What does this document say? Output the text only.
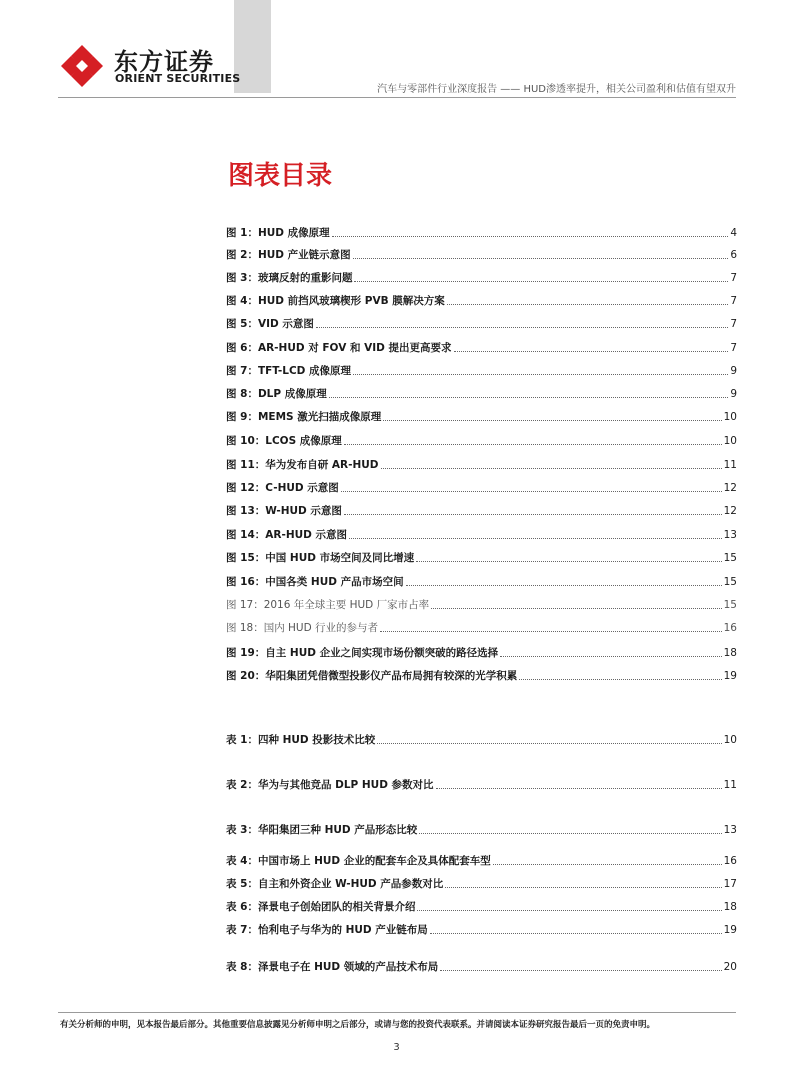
东方证券
ORIENT SECURITIES
汽车与零部件行业深度报告 —— HUD渗透率提升，相关公司盈利和估值有望双升
图表目录
图 1：HUD 成像原理	4
图 2：HUD 产业链示意图	6
图 3：玻璃反射的重影问题	7
图 4：HUD 前挡风玻璃楔形 PVB 膜解决方案	7
图 5：VID 示意图	7
图 6：AR-HUD 对 FOV 和 VID 提出更高要求	7
图 7：TFT-LCD 成像原理	9
图 8：DLP 成像原理	9
图 9：MEMS 激光扫描成像原理	10
图 10：LCOS 成像原理	10
图 11：华为发布自研 AR-HUD	11
图 12：C-HUD 示意图	12
图 13：W-HUD 示意图	12
图 14：AR-HUD 示意图	13
图 15：中国 HUD 市场空间及同比增速	15
图 16：中国各类 HUD 产品市场空间	15
图 17：2016 年全球主要 HUD 厂家市占率	15
图 18：国内 HUD 行业的参与者	16
图 19：自主 HUD 企业之间实现市场份额突破的路径选择	18
图 20：华阳集团凭借微型投影仪产品布局拥有较深的光学积累	19
表 1：四种 HUD 投影技术比较	10
表 2：华为与其他竞品 DLP HUD 参数对比	11
表 3：华阳集团三种 HUD 产品形态比较	13
表 4：中国市场上 HUD 企业的配套车企及具体配套车型	16
表 5：自主和外资企业 W-HUD 产品参数对比	17
表 6：泽景电子创始团队的相关背景介绍	18
表 7：怡利电子与华为的 HUD 产业链布局	19
表 8：泽景电子在 HUD 领域的产品技术布局	20
有关分析师的申明，见本报告最后部分。其他重要信息披露见分析师申明之后部分，或请与您的投资代表联系。并请阅读本证券研究报告最后一页的免责申明。
3
